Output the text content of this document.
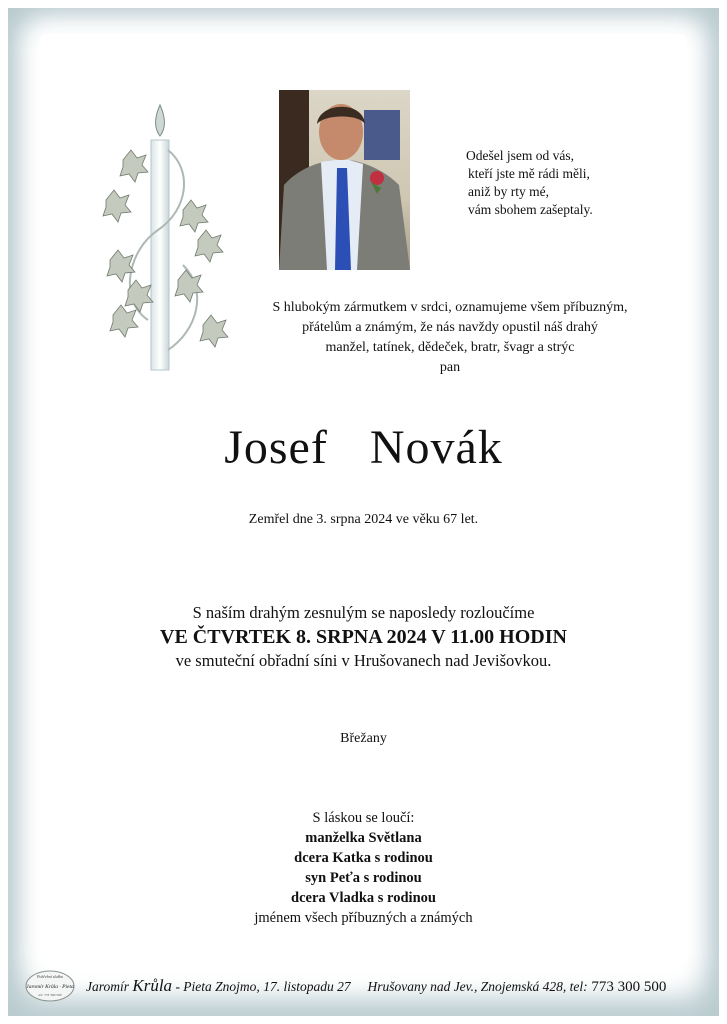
Odešel jsem od vás,
kteří jste mě rádi měli,
aniž by rty mé,
vám sbohem zašeptaly.
S hlubokým zármutkem v srdci, oznamujeme všem příbuzným,
přátelům a známým, že nás navždy opustil náš drahý
manžel, tatínek, dědeček, bratr, švagr a strýc
pan
Josef  Novák
Zemřel dne 3. srpna 2024 ve věku 67 let.
S naším drahým zesnulým se naposledy rozloučíme
VE ČTVRTEK 8. SRPNA 2024 V 11.00 HODIN
ve smuteční obřadní síni v Hrušovanech nad Jevišovkou.
Břežany
S láskou se loučí:
manželka Světlana
dcera Katka s rodinou
syn Peťa s rodinou
dcera Vladka s rodinou
jménem všech příbuzných a známých
Pohřební služba
Jaromír Krůla · Pieta
tel: 773 300 500
Jaromír Krůla - Pieta Znojmo, 17. listopadu 27 Hrušovany nad Jev., Znojemská 428, tel: 773 300 500
